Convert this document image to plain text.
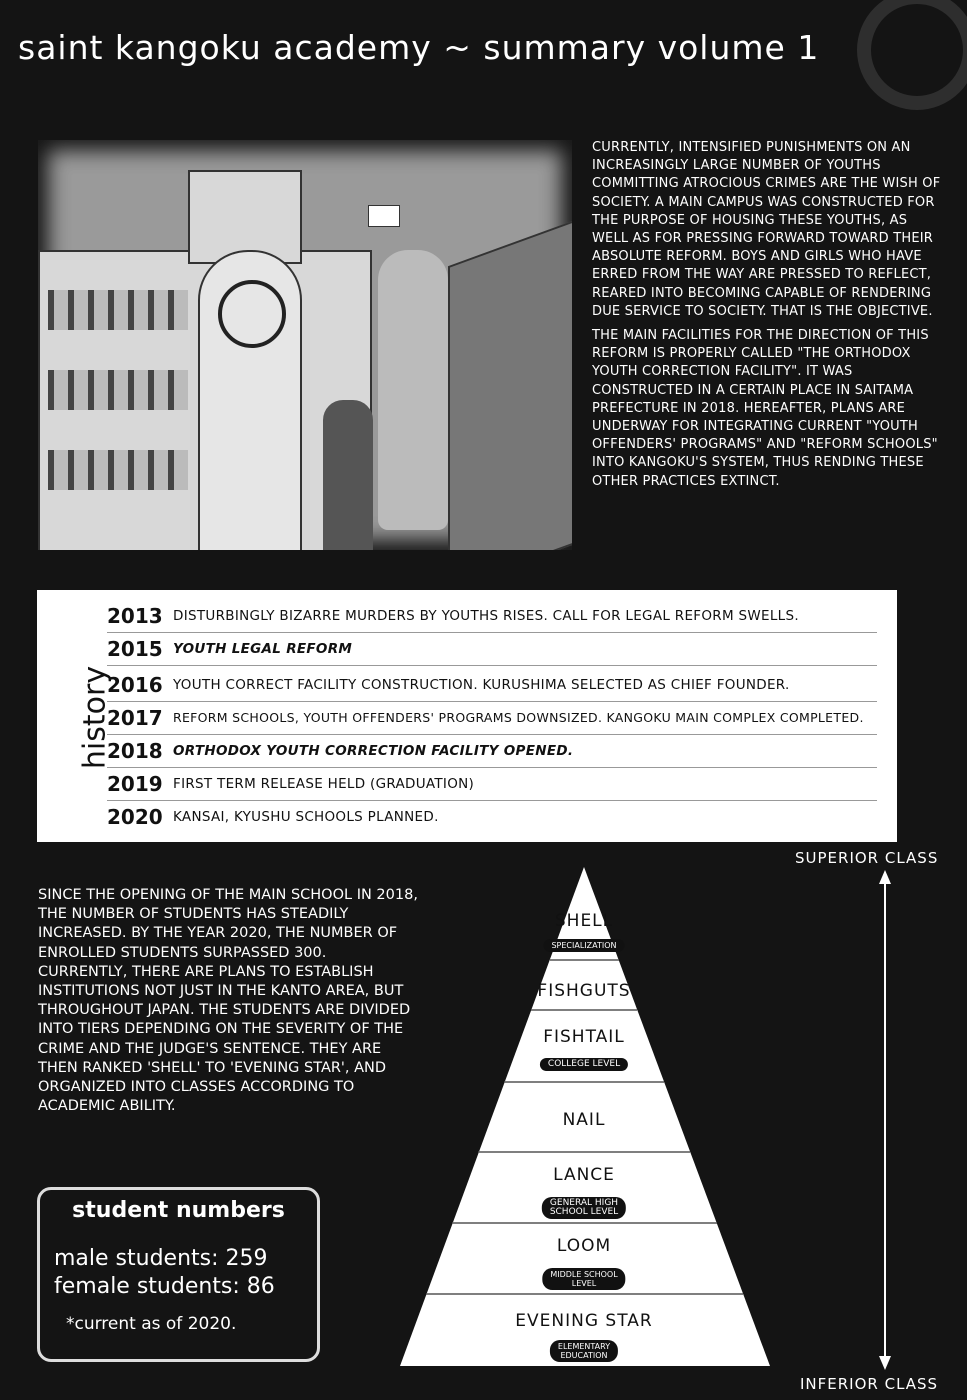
saint kangoku academy ~ summary volume 1

CURRENTLY, INTENSIFIED PUNISHMENTS ON AN INCREASINGLY LARGE NUMBER OF YOUTHS COMMITTING ATROCIOUS CRIMES ARE THE WISH OF SOCIETY. A MAIN CAMPUS WAS CONSTRUCTED FOR THE PURPOSE OF HOUSING THESE YOUTHS, AS WELL AS FOR PRESSING FORWARD TOWARD THEIR ABSOLUTE REFORM. BOYS AND GIRLS WHO HAVE ERRED FROM THE WAY ARE PRESSED TO REFLECT, REARED INTO BECOMING CAPABLE OF RENDERING DUE SERVICE TO SOCIETY. THAT IS THE OBJECTIVE.

THE MAIN FACILITIES FOR THE DIRECTION OF THIS REFORM IS PROPERLY CALLED "THE ORTHODOX YOUTH CORRECTION FACILITY". IT WAS CONSTRUCTED IN A CERTAIN PLACE IN SAITAMA PREFECTURE IN 2018. HEREAFTER, PLANS ARE UNDERWAY FOR INTEGRATING CURRENT "YOUTH OFFENDERS' PROGRAMS" AND "REFORM SCHOOLS" INTO KANGOKU'S SYSTEM, THUS RENDING THESE OTHER PRACTICES EXTINCT.

history
2013 DISTURBINGLY BIZARRE MURDERS BY YOUTHS RISES. CALL FOR LEGAL REFORM SWELLS.
2015 YOUTH LEGAL REFORM
2016 YOUTH CORRECT FACILITY CONSTRUCTION. KURUSHIMA SELECTED AS CHIEF FOUNDER.
2017 REFORM SCHOOLS, YOUTH OFFENDERS' PROGRAMS DOWNSIZED. KANGOKU MAIN COMPLEX COMPLETED.
2018 ORTHODOX YOUTH CORRECTION FACILITY OPENED.
2019 FIRST TERM RELEASE HELD (GRADUATION)
2020 KANSAI, KYUSHU SCHOOLS PLANNED.
SINCE THE OPENING OF THE MAIN SCHOOL IN 2018, THE NUMBER OF STUDENTS HAS STEADILY INCREASED. BY THE YEAR 2020, THE NUMBER OF ENROLLED STUDENTS SURPASSED 300. CURRENTLY, THERE ARE PLANS TO ESTABLISH INSTITUTIONS NOT JUST IN THE KANTO AREA, BUT THROUGHOUT JAPAN. THE STUDENTS ARE DIVIDED INTO TIERS DEPENDING ON THE SEVERITY OF THE CRIME AND THE JUDGE'S SENTENCE. THEY ARE THEN RANKED 'SHELL' TO 'EVENING STAR', AND ORGANIZED INTO CLASSES ACCORDING TO ACADEMIC ABILITY.
student numbers
male students: 259
female students: 86
*current as of 2020.
SUPERIOR CLASS
INFERIOR CLASS
SHELL
SPECIALIZATION
FISHGUTS
FISHTAIL
COLLEGE LEVEL
NAIL
LANCE
GENERAL HIGH
SCHOOL LEVEL
LOOM
MIDDLE SCHOOL
LEVEL
EVENING STAR
ELEMENTARY
EDUCATION
